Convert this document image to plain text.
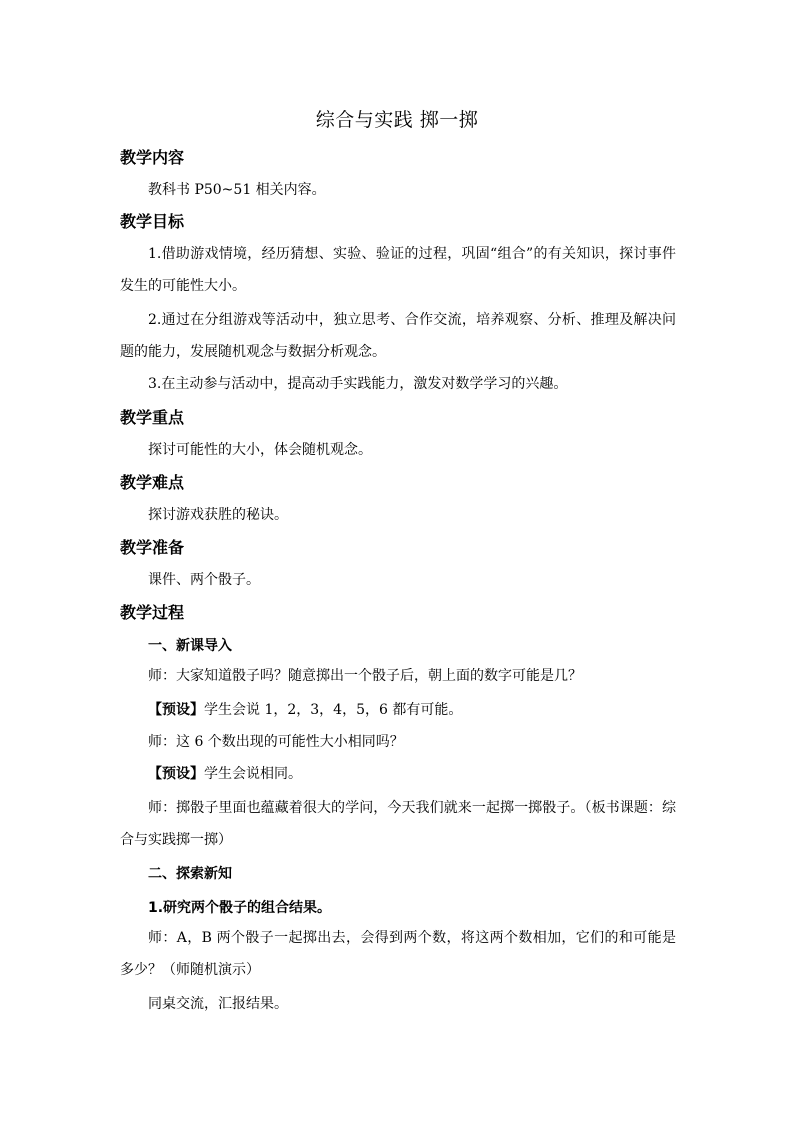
综合与实践 掷一掷
教学内容
教科书 P50~51 相关内容。
教学目标
1.借助游戏情境，经历猜想、实验、验证的过程，巩固“组合”的有关知识，探讨事件发生的可能性大小。
2.通过在分组游戏等活动中，独立思考、合作交流，培养观察、分析、推理及解决问题的能力，发展随机观念与数据分析观念。
3.在主动参与活动中，提高动手实践能力，激发对数学学习的兴趣。
教学重点
探讨可能性的大小，体会随机观念。
教学难点
探讨游戏获胜的秘诀。
教学准备
课件、两个骰子。
教学过程
一、新课导入
师：大家知道骰子吗？随意掷出一个骰子后，朝上面的数字可能是几？
【预设】学生会说 1，2，3，4，5，6 都有可能。
师：这 6 个数出现的可能性大小相同吗？
【预设】学生会说相同。
师：掷骰子里面也蕴藏着很大的学问，今天我们就来一起掷一掷骰子。（板书课题：综合与实践掷一掷）
二、探索新知
1.研究两个骰子的组合结果。
师：A，B 两个骰子一起掷出去，会得到两个数，将这两个数相加，它们的和可能是多少？（师随机演示）
同桌交流，汇报结果。
